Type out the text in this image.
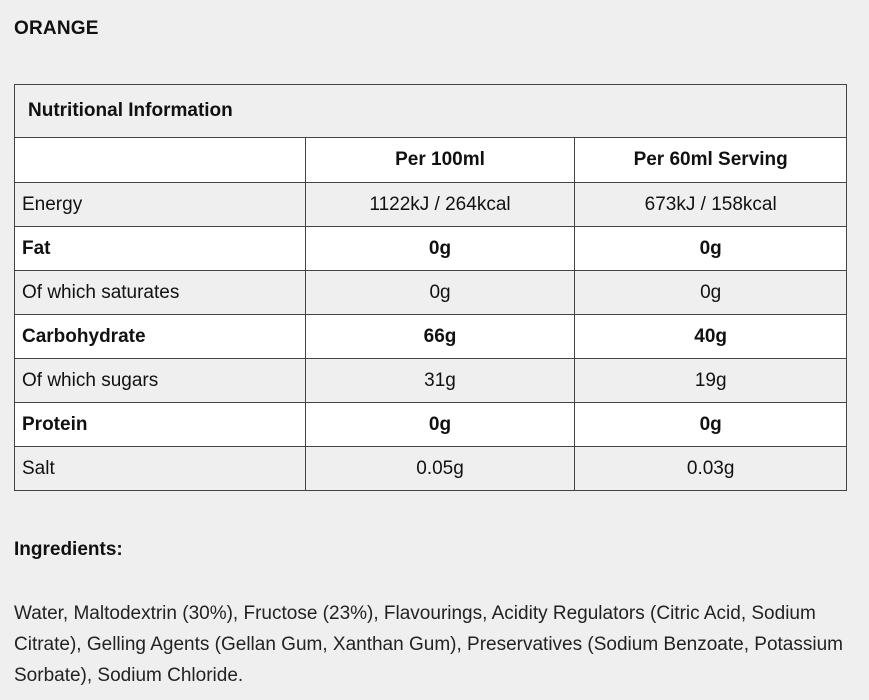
ORANGE
Nutritional Information		
	Per 100ml	Per 60ml Serving
Energy	1122kJ / 264kcal	673kJ / 158kcal
Fat	0g	0g
Of which saturates	0g	0g
Carbohydrate	66g	40g
Of which sugars	31g	19g
Protein	0g	0g
Salt	0.05g	0.03g
Ingredients:
Water, Maltodextrin (30%), Fructose (23%), Flavourings, Acidity Regulators (Citric Acid, Sodium Citrate), Gelling Agents (Gellan Gum, Xanthan Gum), Preservatives (Sodium Benzoate, Potassium Sorbate), Sodium Chloride.
